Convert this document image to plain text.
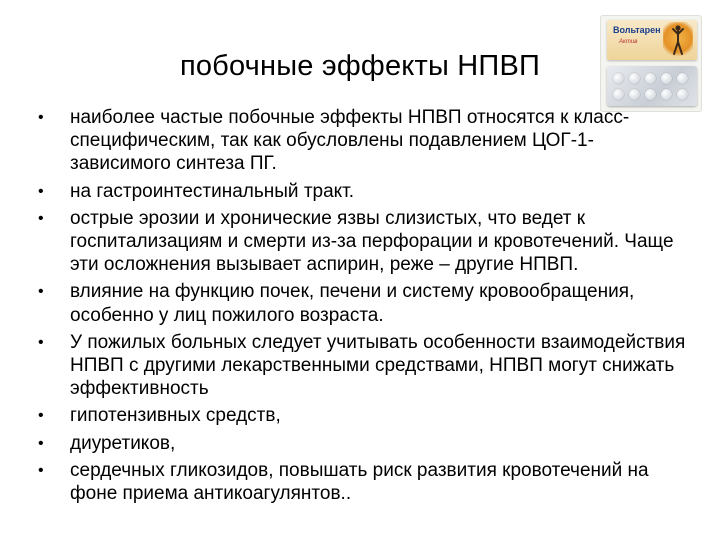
побочные эффекты НПВП
Вольтарен
Актив
• наиболее частые побочные эффекты НПВП относятся к класс-специфическим, так как обусловлены подавлением ЦОГ-1-зависимого синтеза ПГ.
• на гастроинтестинальный тракт.
• острые эрозии и хронические язвы слизистых, что ведет к госпитализациям и смерти из-за перфорации и кровотечений. Чаще эти осложнения вызывает аспирин, реже – другие НПВП.
• влияние на функцию почек, печени и систему кровообращения, особенно у лиц пожилого возраста.
• У пожилых больных следует учитывать особенности взаимодействия НПВП с другими лекарственными средствами, НПВП могут снижать эффективность
• гипотензивных средств,
• диуретиков,
• сердечных гликозидов, повышать риск развития кровотечений на фоне приема антикоагулянтов..
